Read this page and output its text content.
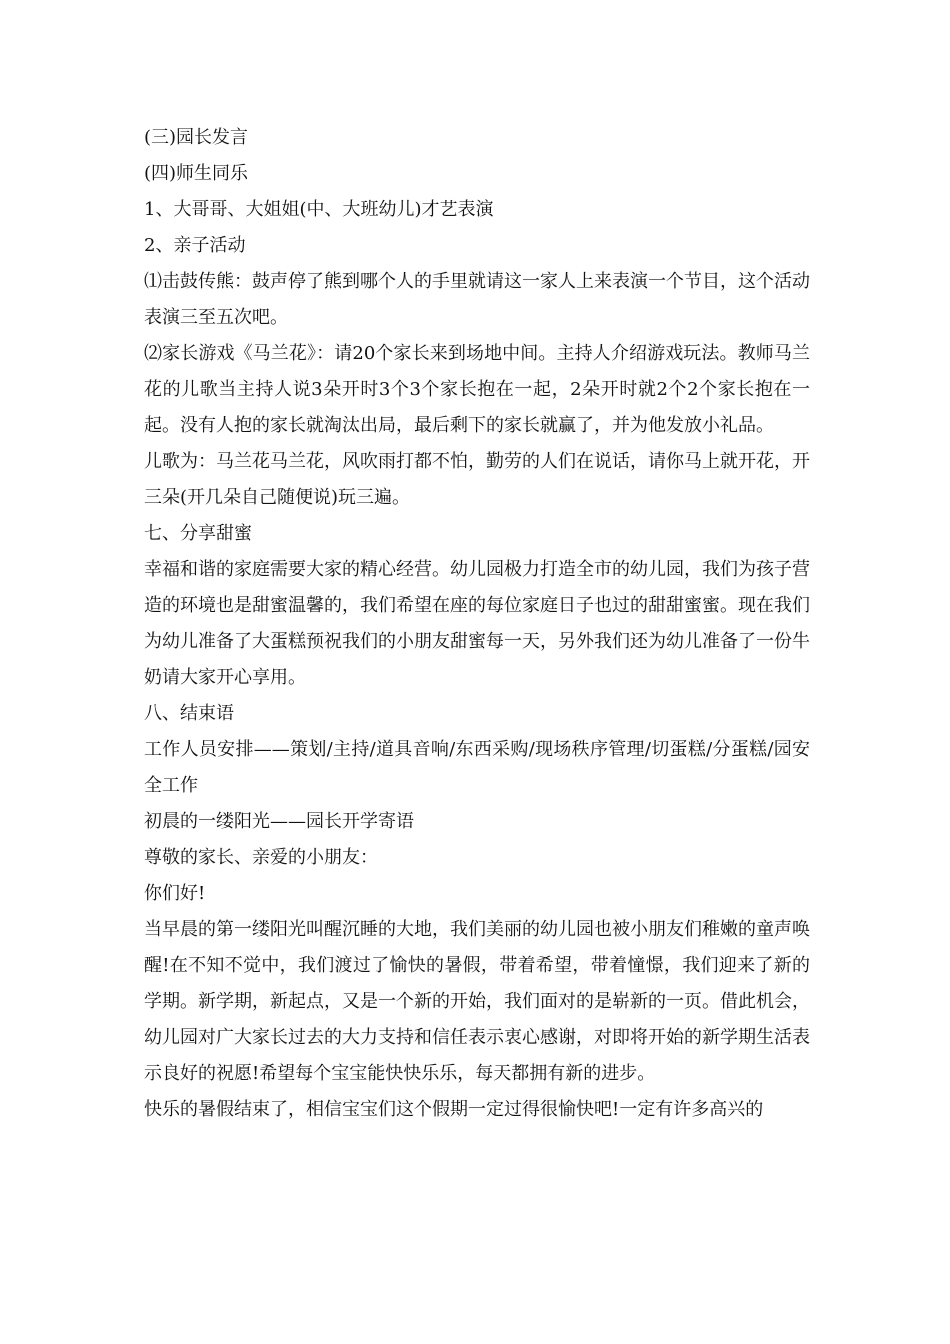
(三)园长发言

(四)师生同乐

1、大哥哥、大姐姐(中、大班幼儿)才艺表演

2、亲子活动

⑴击鼓传熊：鼓声停了熊到哪个人的手里就请这一家人上来表演一个节目，这个活动表演三至五次吧。

⑵家长游戏《马兰花》：请20个家长来到场地中间。主持人介绍游戏玩法。教师马兰花的儿歌当主持人说3朵开时3个3个家长抱在一起，2朵开时就2个2个家长抱在一起。没有人抱的家长就淘汰出局，最后剩下的家长就赢了，并为他发放小礼品。

儿歌为：马兰花马兰花，风吹雨打都不怕，勤劳的人们在说话，请你马上就开花，开三朵(开几朵自己随便说)玩三遍。

七、分享甜蜜

幸福和谐的家庭需要大家的精心经营。幼儿园极力打造全市的幼儿园，我们为孩子营造的环境也是甜蜜温馨的，我们希望在座的每位家庭日子也过的甜甜蜜蜜。现在我们为幼儿准备了大蛋糕预祝我们的小朋友甜蜜每一天，另外我们还为幼儿准备了一份牛奶请大家开心享用。

八、结束语

工作人员安排——策划/主持/道具音响/东西采购/现场秩序管理/切蛋糕/分蛋糕/园安全工作

初晨的一缕阳光——园长开学寄语

尊敬的家长、亲爱的小朋友：

你们好!

当早晨的第一缕阳光叫醒沉睡的大地，我们美丽的幼儿园也被小朋友们稚嫩的童声唤醒!在不知不觉中，我们渡过了愉快的暑假，带着希望，带着憧憬，我们迎来了新的学期。新学期，新起点，又是一个新的开始，我们面对的是崭新的一页。借此机会，幼儿园对广大家长过去的大力支持和信任表示衷心感谢，对即将开始的新学期生活表示良好的祝愿!希望每个宝宝能快快乐乐，每天都拥有新的进步。

快乐的暑假结束了，相信宝宝们这个假期一定过得很愉快吧!一定有许多高兴的
